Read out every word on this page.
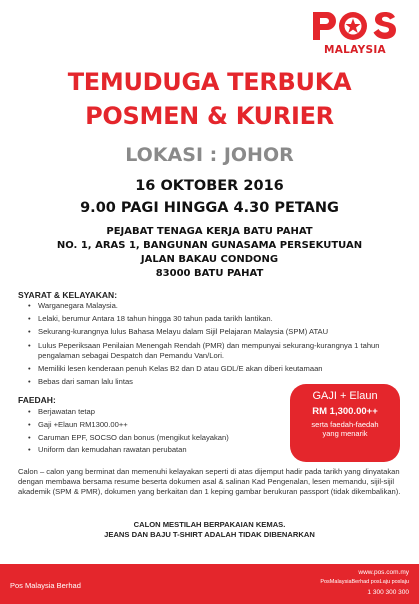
MALAYSIA
TEMUDUGA TERBUKA
POSMEN & KURIER
LOKASI : JOHOR
16 OKTOBER 2016
9.00 PAGI HINGGA 4.30 PETANG
PEJABAT TENAGA KERJA BATU PAHAT
NO. 1, ARAS 1, BANGUNAN GUNASAMA PERSEKUTUAN
JALAN BAKAU CONDONG
83000 BATU PAHAT
SYARAT & KELAYAKAN:
• Warganegara Malaysia.
• Lelaki, berumur Antara 18 tahun hingga 30 tahun pada tarikh lantikan.
• Sekurang-kurangnya lulus Bahasa Melayu dalam Sijil Pelajaran Malaysia (SPM) ATAU
• Lulus Peperiksaan Penilaian Menengah Rendah (PMR) dan mempunyai sekurang-kurangnya 1 tahun pengalaman sebagai Despatch dan Pemandu Van/Lori.
• Memiliki lesen kenderaan penuh Kelas B2 dan D atau GDL/E akan diberi keutamaan
• Bebas dari saman lalu lintas
FAEDAH:
• Berjawatan tetap
• Gaji +Elaun RM1300.00++
• Caruman EPF, SOCSO dan bonus (mengikut kelayakan)
• Uniform dan kemudahan rawatan perubatan
GAJI + Elaun
RM 1,300.00++
serta faedah-faedah
yang menarik
Calon – calon yang berminat dan memenuhi kelayakan seperti di atas dijemput hadir pada tarikh yang dinyatakan dengan membawa bersama resume beserta dokumen asal & salinan Kad Pengenalan, lesen memandu, sijil-sijil akademik (SPM & PMR), dokumen yang berkaitan dan 1 keping gambar berukuran passport (tidak dikembalikan).
CALON MESTILAH BERPAKAIAN KEMAS.
JEANS DAN BAJU T-SHIRT ADALAH TIDAK DIBENARKAN
Pos Malaysia Berhad
www.pos.com.my
PosMalaysiaBerhad posLaju poslaju
1 300 300 300
